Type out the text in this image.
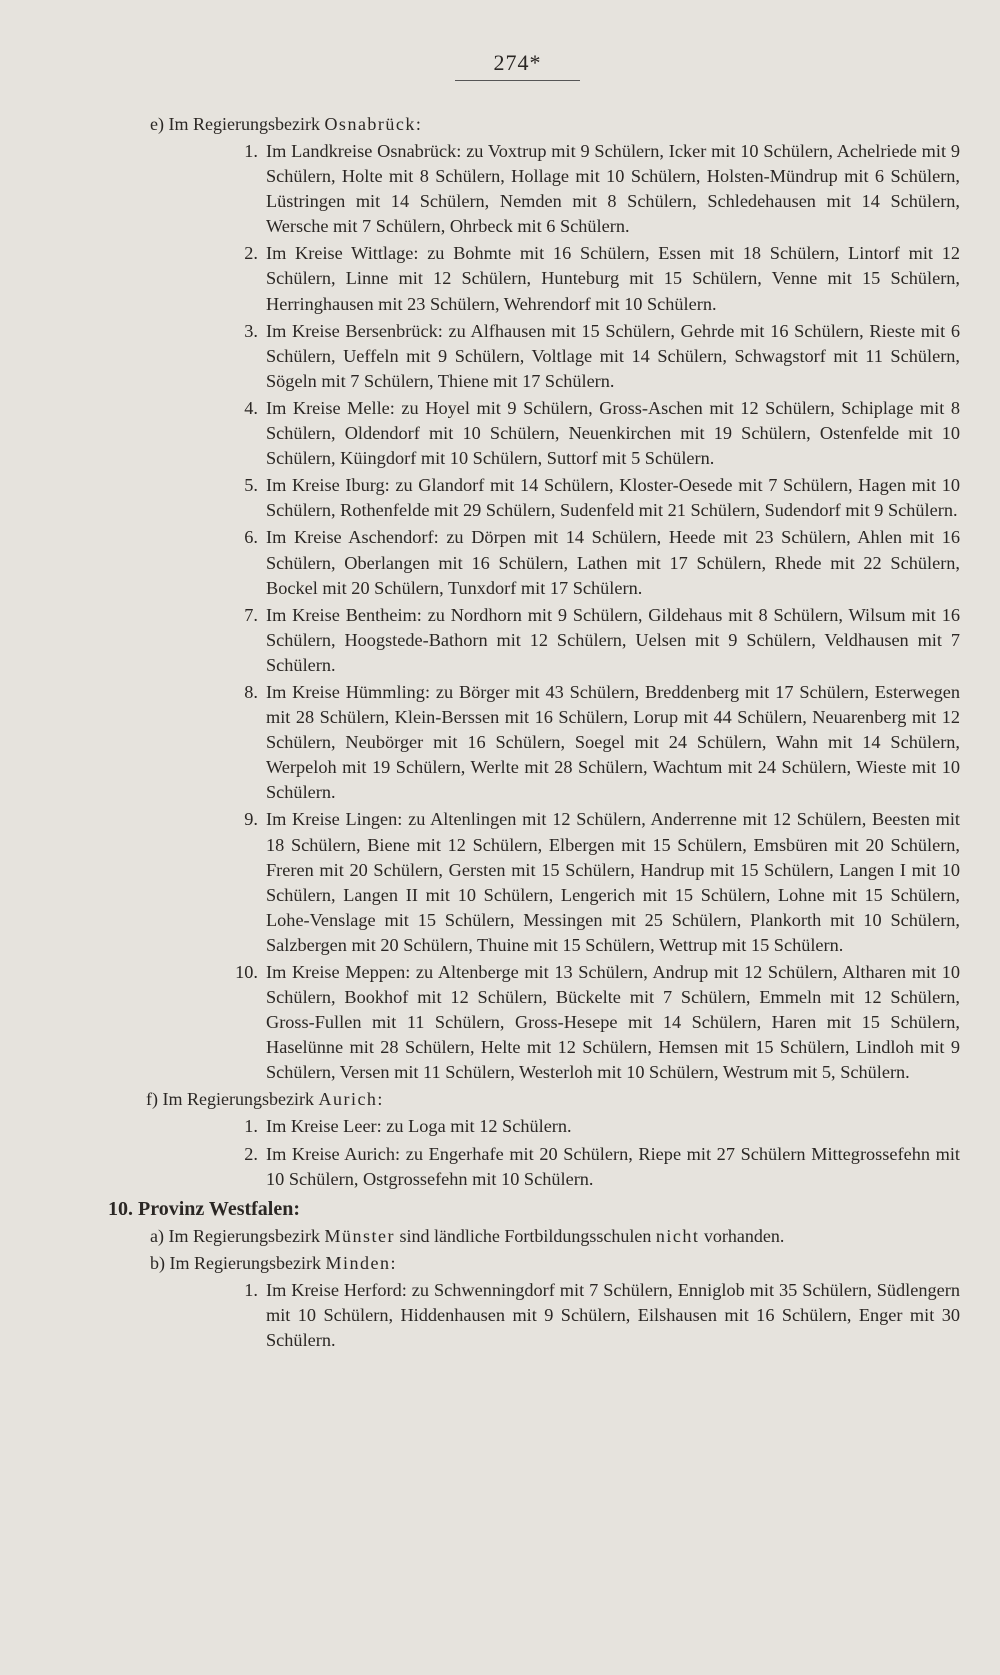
274*
e) Im Regierungsbezirk Osnabrück:
1. Im Landkreise Osnabrück: zu Voxtrup mit 9 Schülern, Icker mit 10 Schülern, Achelriede mit 9 Schülern, Holte mit 8 Schülern, Hollage mit 10 Schülern, Holsten-Mündrup mit 6 Schülern, Lüstringen mit 14 Schülern, Nemden mit 8 Schülern, Schledehausen mit 14 Schülern, Wersche mit 7 Schülern, Ohrbeck mit 6 Schülern.
2. Im Kreise Wittlage: zu Bohmte mit 16 Schülern, Essen mit 18 Schülern, Lintorf mit 12 Schülern, Linne mit 12 Schülern, Hunteburg mit 15 Schülern, Venne mit 15 Schülern, Herringhausen mit 23 Schülern, Wehrendorf mit 10 Schülern.
3. Im Kreise Bersenbrück: zu Alfhausen mit 15 Schülern, Gehrde mit 16 Schülern, Rieste mit 6 Schülern, Ueffeln mit 9 Schülern, Voltlage mit 14 Schülern, Schwagstorf mit 11 Schülern, Sögeln mit 7 Schülern, Thiene mit 17 Schülern.
4. Im Kreise Melle: zu Hoyel mit 9 Schülern, Gross-Aschen mit 12 Schülern, Schiplage mit 8 Schülern, Oldendorf mit 10 Schülern, Neuenkirchen mit 19 Schülern, Ostenfelde mit 10 Schülern, Küingdorf mit 10 Schülern, Suttorf mit 5 Schülern.
5. Im Kreise Iburg: zu Glandorf mit 14 Schülern, Kloster-Oesede mit 7 Schülern, Hagen mit 10 Schülern, Rothenfelde mit 29 Schülern, Sudenfeld mit 21 Schülern, Sudendorf mit 9 Schülern.
6. Im Kreise Aschendorf: zu Dörpen mit 14 Schülern, Heede mit 23 Schülern, Ahlen mit 16 Schülern, Oberlangen mit 16 Schülern, Lathen mit 17 Schülern, Rhede mit 22 Schülern, Bockel mit 20 Schülern, Tunxdorf mit 17 Schülern.
7. Im Kreise Bentheim: zu Nordhorn mit 9 Schülern, Gildehaus mit 8 Schülern, Wilsum mit 16 Schülern, Hoogstede-Bathorn mit 12 Schülern, Uelsen mit 9 Schülern, Veldhausen mit 7 Schülern.
8. Im Kreise Hümmling: zu Börger mit 43 Schülern, Breddenberg mit 17 Schülern, Esterwegen mit 28 Schülern, Klein-Berssen mit 16 Schülern, Lorup mit 44 Schülern, Neuarenberg mit 12 Schülern, Neubörger mit 16 Schülern, Soegel mit 24 Schülern, Wahn mit 14 Schülern, Werpeloh mit 19 Schülern, Werlte mit 28 Schülern, Wachtum mit 24 Schülern, Wieste mit 10 Schülern.
9. Im Kreise Lingen: zu Altenlingen mit 12 Schülern, Anderrenne mit 12 Schülern, Beesten mit 18 Schülern, Biene mit 12 Schülern, Elbergen mit 15 Schülern, Emsbüren mit 20 Schülern, Freren mit 20 Schülern, Gersten mit 15 Schülern, Handrup mit 15 Schülern, Langen I mit 10 Schülern, Langen II mit 10 Schülern, Lengerich mit 15 Schülern, Lohne mit 15 Schülern, Lohe-Venslage mit 15 Schülern, Messingen mit 25 Schülern, Plankorth mit 10 Schülern, Salzbergen mit 20 Schülern, Thuine mit 15 Schülern, Wettrup mit 15 Schülern.
10. Im Kreise Meppen: zu Altenberge mit 13 Schülern, Andrup mit 12 Schülern, Altharen mit 10 Schülern, Bookhof mit 12 Schülern, Bückelte mit 7 Schülern, Emmeln mit 12 Schülern, Gross-Fullen mit 11 Schülern, Gross-Hesepe mit 14 Schülern, Haren mit 15 Schülern, Haselünne mit 28 Schülern, Helte mit 12 Schülern, Hemsen mit 15 Schülern, Lindloh mit 9 Schülern, Versen mit 11 Schülern, Westerloh mit 10 Schülern, Westrum mit 5, Schülern.
f) Im Regierungsbezirk Aurich:
1. Im Kreise Leer: zu Loga mit 12 Schülern.
2. Im Kreise Aurich: zu Engerhafe mit 20 Schülern, Riepe mit 27 Schülern Mittegrossefehn mit 10 Schülern, Ostgrossefehn mit 10 Schülern.
10. Provinz Westfalen:
a) Im Regierungsbezirk Münster sind ländliche Fortbildungsschulen nicht vorhanden.
b) Im Regierungsbezirk Minden:
1. Im Kreise Herford: zu Schwenningdorf mit 7 Schülern, Enniglob mit 35 Schülern, Südlengern mit 10 Schülern, Hiddenhausen mit 9 Schülern, Eilshausen mit 16 Schülern, Enger mit 30 Schülern.
